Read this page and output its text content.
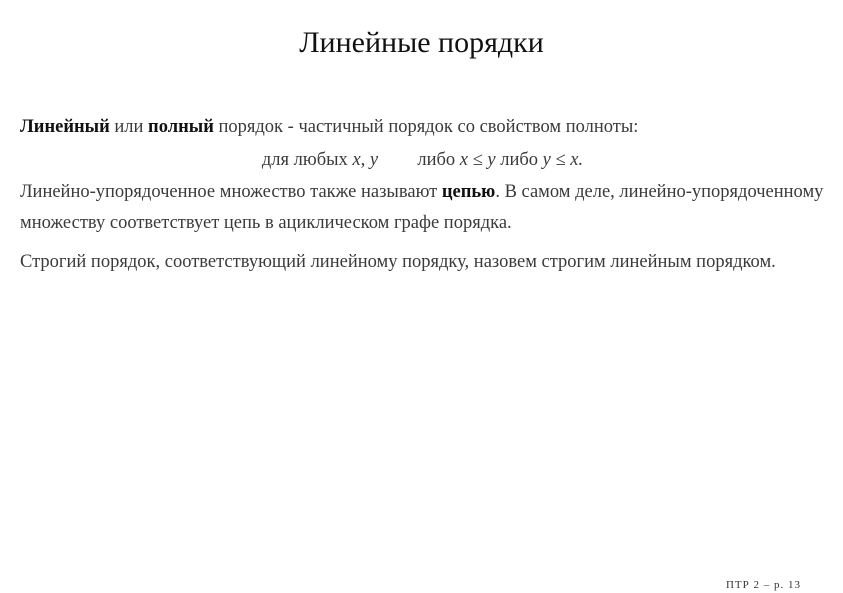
Линейные порядки

Линейный или полный порядок - частичный порядок со свойством полноты:

для любых x, y либо x ≤ y либо y ≤ x.

Линейно-упорядоченное множество также называют цепью. В самом деле, линейно-упорядоченному множеству соответствует цепь в ациклическом графе порядка.

Строгий порядок, соответствующий линейному порядку, назовем строгим линейным порядком.

ПТР 2 – p. 13
